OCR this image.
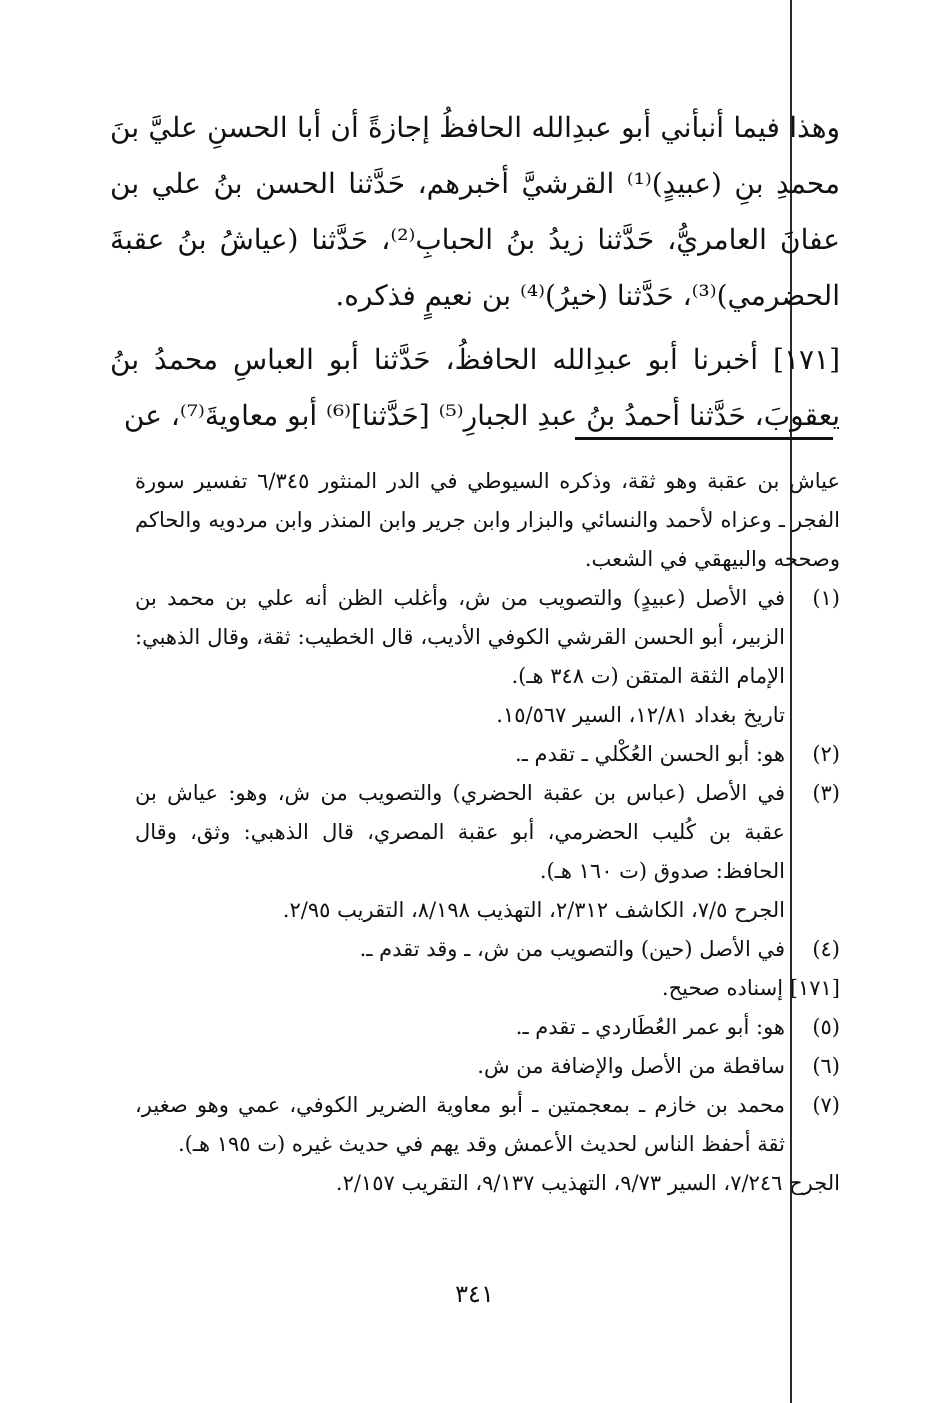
وهذا فيما أنبأني أبو عبدِالله الحافظُ إجازةً أن أبا الحسنِ عليَّ بنَ محمدِ بنِ (عبيدٍ)⁽¹⁾ القرشيَّ أخبرهم، حَدَّثنا الحسن بنُ علي بن عفانَ العامريُّ، حَدَّثنا زيدُ بنُ الحبابِ⁽²⁾، حَدَّثنا (عياشُ بنُ عقبةَ الحضرمي)⁽³⁾، حَدَّثنا (خيرُ)⁽⁴⁾ بن نعيمٍ فذكره.

[١٧١] أخبرنا أبو عبدِالله الحافظُ، حَدَّثنا أبو العباسِ محمدُ بنُ يعقوبَ، حَدَّثنا أحمدُ بنُ عبدِ الجبارِ⁽⁵⁾ [حَدَّثنا]⁽⁶⁾ أبو معاويةَ⁽⁷⁾، عن

عياش بن عقبة وهو ثقة، وذكره السيوطي في الدر المنثور ٦/٣٤٥ تفسير سورة الفجر ـ وعزاه لأحمد والنسائي والبزار وابن جرير وابن المنذر وابن مردويه والحاكم وصححه والبيهقي في الشعب.
(١)
في الأصل (عبيدٍ) والتصويب من ش، وأغلب الظن أنه علي بن محمد بن الزبير، أبو الحسن القرشي الكوفي الأديب، قال الخطيب: ثقة، وقال الذهبي: الإمام الثقة المتقن (ت ٣٤٨ هـ).
تاريخ بغداد ١٢/٨١، السير ١٥/٥٦٧.
(٢)
هو: أبو الحسن العُكْلي ـ تقدم ـ.
(٣)
في الأصل (عباس بن عقبة الحضري) والتصويب من ش، وهو: عياش بن عقبة بن كُليب الحضرمي، أبو عقبة المصري، قال الذهبي: وثق، وقال الحافظ: صدوق (ت ١٦٠ هـ).
الجرح ٧/٥، الكاشف ٢/٣١٢، التهذيب ٨/١٩٨، التقريب ٢/٩٥.
(٤)
في الأصل (حين) والتصويب من ش، ـ وقد تقدم ـ.
[١٧١] إسناده صحيح.
(٥)
هو: أبو عمر العُطَاردي ـ تقدم ـ.
(٦)
ساقطة من الأصل والإضافة من ش.
(٧)
محمد بن خازم ـ بمعجمتين ـ أبو معاوية الضرير الكوفي، عمي وهو صغير، ثقة أحفظ الناس لحديث الأعمش وقد يهم في حديث غيره (ت ١٩٥ هـ).
الجرح ٧/٢٤٦، السير ٩/٧٣، التهذيب ٩/١٣٧، التقريب ٢/١٥٧.
٣٤١
